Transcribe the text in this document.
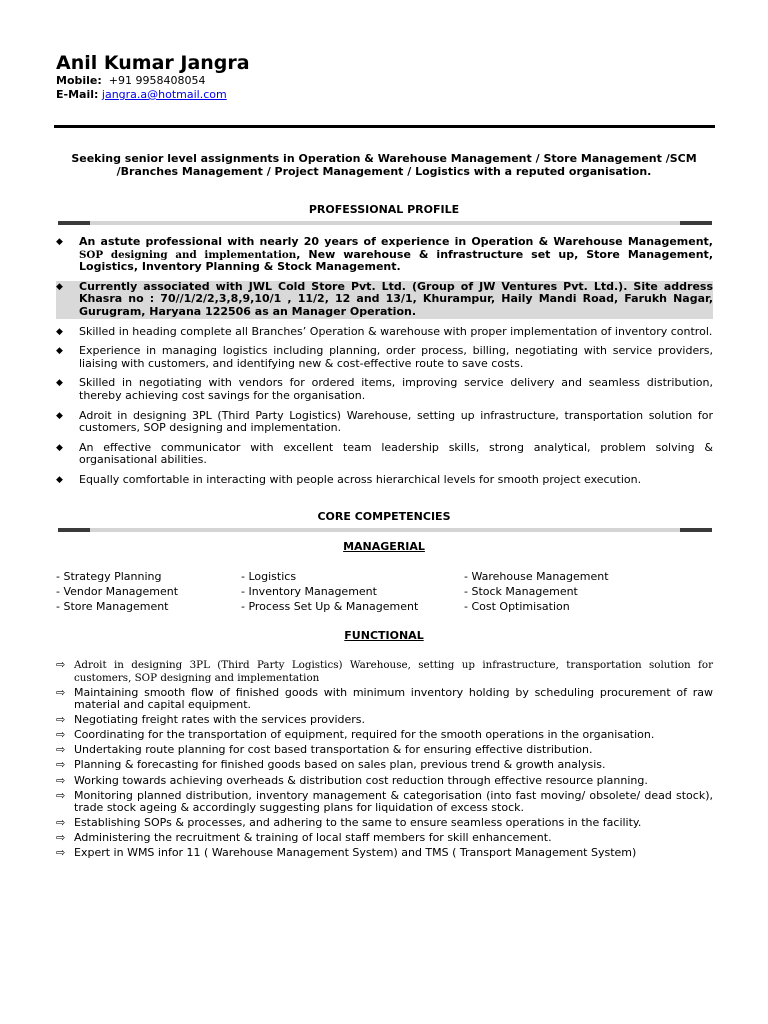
Anil Kumar Jangra
Mobile: +91 9958408054
E-Mail: jangra.a@hotmail.com
Seeking senior level assignments in Operation & Warehouse Management / Store Management /SCM /Branches Management / Project Management / Logistics with a reputed organisation.
PROFESSIONAL PROFILE
◆ An astute professional with nearly 20 years of experience in Operation & Warehouse Management, SOP designing and implementation, New warehouse & infrastructure set up, Store Management, Logistics, Inventory Planning & Stock Management.
◆ Currently associated with JWL Cold Store Pvt. Ltd. (Group of JW Ventures Pvt. Ltd.). Site address Khasra no : 70//1/2/2,3,8,9,10/1 , 11/2, 12 and 13/1, Khurampur, Haily Mandi Road, Farukh Nagar, Gurugram, Haryana 122506 as an Manager Operation.
◆ Skilled in heading complete all Branches’ Operation & warehouse with proper implementation of inventory control.
◆ Experience in managing logistics including planning, order process, billing, negotiating with service providers, liaising with customers, and identifying new & cost-effective route to save costs.
◆ Skilled in negotiating with vendors for ordered items, improving service delivery and seamless distribution, thereby achieving cost savings for the organisation.
◆ Adroit in designing 3PL (Third Party Logistics) Warehouse, setting up infrastructure, transportation solution for customers, SOP designing and implementation.
◆ An effective communicator with excellent team leadership skills, strong analytical, problem solving & organisational abilities.
◆ Equally comfortable in interacting with people across hierarchical levels for smooth project execution.
CORE COMPETENCIES
MANAGERIAL
- Strategy Planning
- Vendor Management
- Store Management
- Logistics
- Inventory Management
- Process Set Up & Management
- Warehouse Management
- Stock Management
- Cost Optimisation
FUNCTIONAL
⇨ Adroit in designing 3PL (Third Party Logistics) Warehouse, setting up infrastructure, transportation solution for customers, SOP designing and implementation
⇨ Maintaining smooth flow of finished goods with minimum inventory holding by scheduling procurement of raw material and capital equipment.
⇨ Negotiating freight rates with the services providers.
⇨ Coordinating for the transportation of equipment, required for the smooth operations in the organisation.
⇨ Undertaking route planning for cost based transportation & for ensuring effective distribution.
⇨ Planning & forecasting for finished goods based on sales plan, previous trend & growth analysis.
⇨ Working towards achieving overheads & distribution cost reduction through effective resource planning.
⇨ Monitoring planned distribution, inventory management & categorisation (into fast moving/ obsolete/ dead stock), trade stock ageing & accordingly suggesting plans for liquidation of excess stock.
⇨ Establishing SOPs & processes, and adhering to the same to ensure seamless operations in the facility.
⇨ Administering the recruitment & training of local staff members for skill enhancement.
⇨ Expert in WMS infor 11 ( Warehouse Management System) and TMS ( Transport Management System)
